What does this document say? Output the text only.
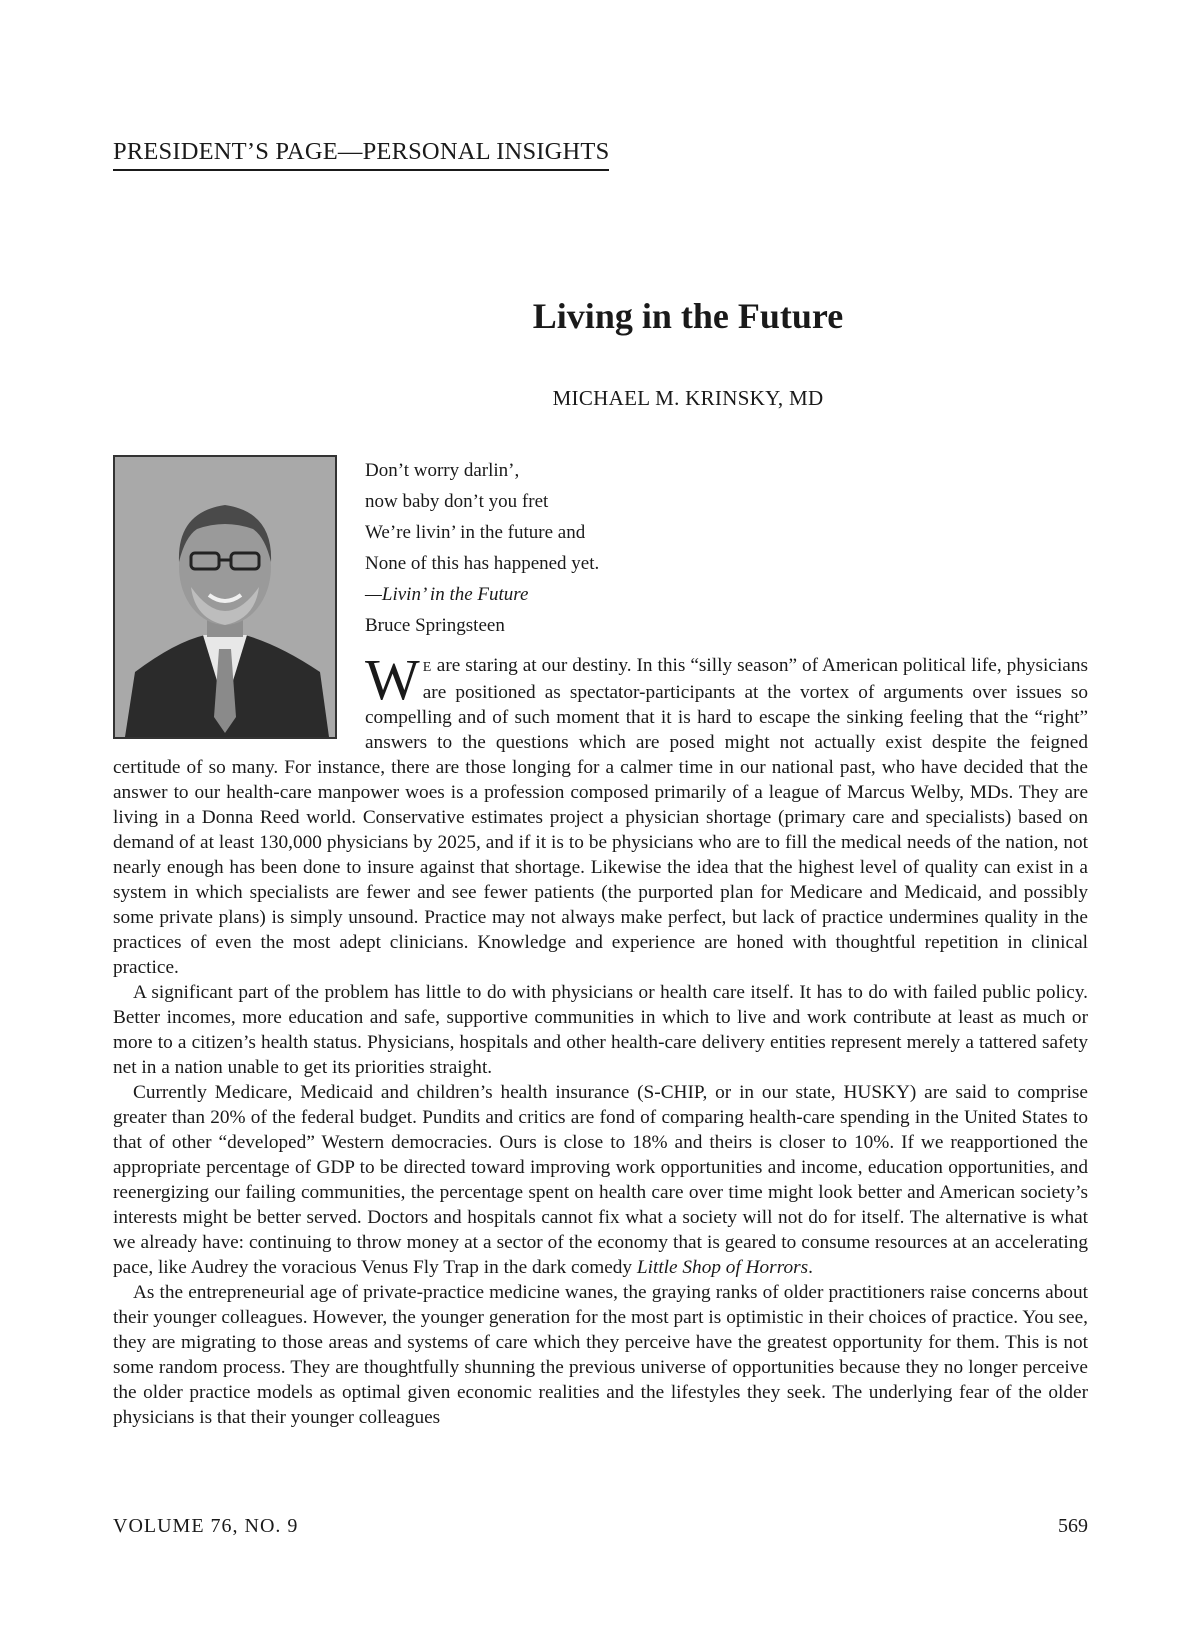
PRESIDENT’S PAGE—PERSONAL INSIGHTS
Living in the Future
MICHAEL M. KRINSKY, MD
Don’t worry darlin’,
now baby don’t you fret
We’re livin’ in the future and
None of this has happened yet.
—Livin’ in the Future
Bruce Springsteen

W E are staring at our destiny. In this “silly season” of American political life, physicians are positioned as spectator-participants at the vortex of arguments over issues so compelling and of such moment that it is hard to escape the sinking feeling that the “right” answers to the questions which are posed might not actually exist despite the feigned certitude of so many. For instance, there are those longing for a calmer time in our national past, who have decided that the answer to our health-care manpower woes is a profession composed primarily of a league of Marcus Welby, MDs. They are living in a Donna Reed world. Conservative estimates project a physician shortage (primary care and specialists) based on demand of at least 130,000 physicians by 2025, and if it is to be physicians who are to fill the medical needs of the nation, not nearly enough has been done to insure against that shortage. Likewise the idea that the highest level of quality can exist in a system in which specialists are fewer and see fewer patients (the purported plan for Medicare and Medicaid, and possibly some private plans) is simply unsound. Practice may not always make perfect, but lack of practice undermines quality in the practices of even the most adept clinicians. Knowledge and experience are honed with thoughtful repetition in clinical practice.

A significant part of the problem has little to do with physicians or health care itself. It has to do with failed public policy. Better incomes, more education and safe, supportive communities in which to live and work contribute at least as much or more to a citizen’s health status. Physicians, hospitals and other health-care delivery entities represent merely a tattered safety net in a nation unable to get its priorities straight.

Currently Medicare, Medicaid and children’s health insurance (S-CHIP, or in our state, HUSKY) are said to comprise greater than 20% of the federal budget. Pundits and critics are fond of comparing health-care spending in the United States to that of other “developed” Western democracies. Ours is close to 18% and theirs is closer to 10%. If we reapportioned the appropriate percentage of GDP to be directed toward improving work opportunities and income, education opportunities, and reenergizing our failing communities, the percentage spent on health care over time might look better and American society’s interests might be better served. Doctors and hospitals cannot fix what a society will not do for itself. The alternative is what we already have: continuing to throw money at a sector of the economy that is geared to consume resources at an accelerating pace, like Audrey the voracious Venus Fly Trap in the dark comedy Little Shop of Horrors.

As the entrepreneurial age of private-practice medicine wanes, the graying ranks of older practitioners raise concerns about their younger colleagues. However, the younger generation for the most part is optimistic in their choices of practice. You see, they are migrating to those areas and systems of care which they perceive have the greatest opportunity for them. This is not some random process. They are thoughtfully shunning the previous universe of opportunities because they no longer perceive the older practice models as optimal given economic realities and the lifestyles they seek. The underlying fear of the older physicians is that their younger colleagues

VOLUME 76, NO. 9	569
